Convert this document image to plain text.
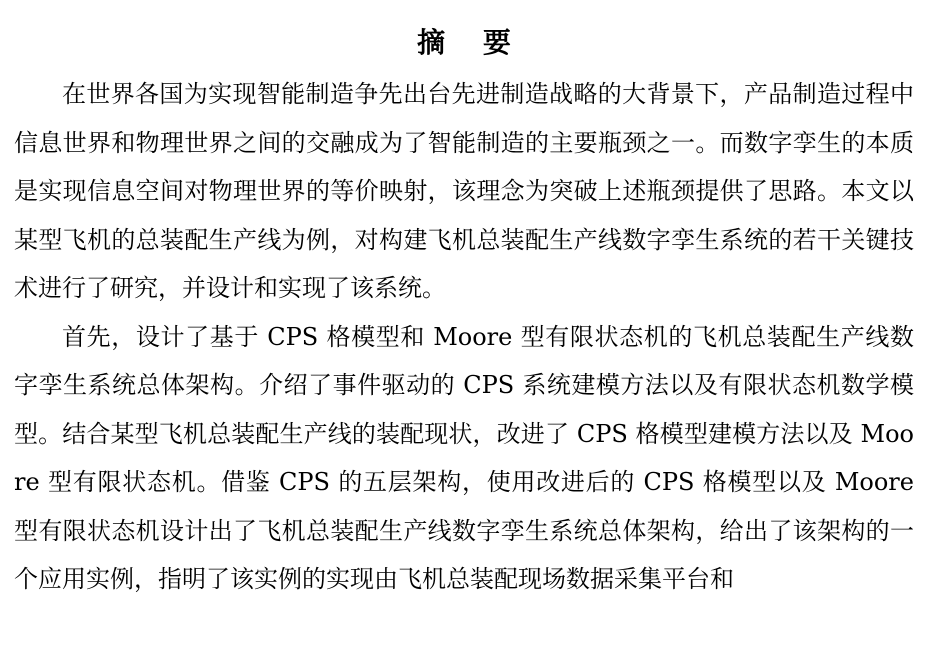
摘 要

在世界各国为实现智能制造争先出台先进制造战略的大背景下，产品制造过程中信息世界和物理世界之间的交融成为了智能制造的主要瓶颈之一。而数字孪生的本质是实现信息空间对物理世界的等价映射，该理念为突破上述瓶颈提供了思路。本文以某型飞机的总装配生产线为例，对构建飞机总装配生产线数字孪生系统的若干关键技术进行了研究，并设计和实现了该系统。

首先，设计了基于 CPS 格模型和 Moore 型有限状态机的飞机总装配生产线数字孪生系统总体架构。介绍了事件驱动的 CPS 系统建模方法以及有限状态机数学模型。结合某型飞机总装配生产线的装配现状，改进了 CPS 格模型建模方法以及 Moore 型有限状态机。借鉴 CPS 的五层架构，使用改进后的 CPS 格模型以及 Moore 型有限状态机设计出了飞机总装配生产线数字孪生系统总体架构，给出了该架构的一个应用实例，指明了该实例的实现由飞机总装配现场数据采集平台和
